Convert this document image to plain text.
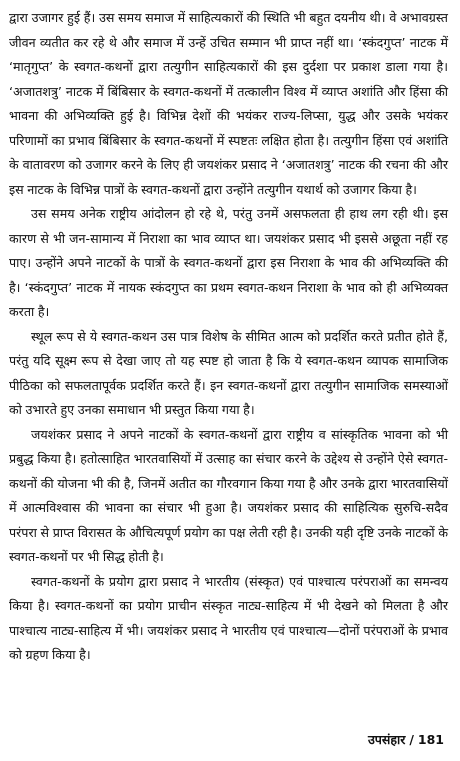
द्वारा उजागर हुई हैं। उस समय समाज में साहित्यकारों की स्थिति भी बहुत दयनीय थी। वे अभावग्रस्त जीवन व्यतीत कर रहे थे और समाज में उन्हें उचित सम्मान भी प्राप्त नहीं था। ‘स्कंदगुप्त’ नाटक में ‘मातृगुप्त’ के स्वगत-कथनों द्वारा तत्युगीन साहित्यकारों की इस दुर्दशा पर प्रकाश डाला गया है। ‘अजातशत्रु’ नाटक में बिंबिसार के स्वगत-कथनों में तत्कालीन विश्व में व्याप्त अशांति और हिंसा की भावना की अभिव्यक्ति हुई है। विभिन्न देशों की भयंकर राज्य-लिप्सा, युद्ध और उसके भयंकर परिणामों का प्रभाव बिंबिसार के स्वगत-कथनों में स्पष्टतः लक्षित होता है। तत्युगीन हिंसा एवं अशांति के वातावरण को उजागर करने के लिए ही जयशंकर प्रसाद ने ‘अजातशत्रु’ नाटक की रचना की और इस नाटक के विभिन्न पात्रों के स्वगत-कथनों द्वारा उन्होंने तत्युगीन यथार्थ को उजागर किया है।

उस समय अनेक राष्ट्रीय आंदोलन हो रहे थे, परंतु उनमें असफलता ही हाथ लग रही थी। इस कारण से भी जन-सामान्य में निराशा का भाव व्याप्त था। जयशंकर प्रसाद भी इससे अछूता नहीं रह पाए। उन्होंने अपने नाटकों के पात्रों के स्वगत-कथनों द्वारा इस निराशा के भाव की अभिव्यक्ति की है। ‘स्कंदगुप्त’ नाटक में नायक स्कंदगुप्त का प्रथम स्वगत-कथन निराशा के भाव को ही अभिव्यक्त करता है।

स्थूल रूप से ये स्वगत-कथन उस पात्र विशेष के सीमित आत्म को प्रदर्शित करते प्रतीत होते हैं, परंतु यदि सूक्ष्म रूप से देखा जाए तो यह स्पष्ट हो जाता है कि ये स्वगत-कथन व्यापक सामाजिक पीठिका को सफलतापूर्वक प्रदर्शित करते हैं। इन स्वगत-कथनों द्वारा तत्युगीन सामाजिक समस्याओं को उभारते हुए उनका समाधान भी प्रस्तुत किया गया है।

जयशंकर प्रसाद ने अपने नाटकों के स्वगत-कथनों द्वारा राष्ट्रीय व सांस्कृतिक भावना को भी प्रबुद्ध किया है। हतोत्साहित भारतवासियों में उत्साह का संचार करने के उद्देश्य से उन्होंने ऐसे स्वगत-कथनों की योजना भी की है, जिनमें अतीत का गौरवगान किया गया है और उनके द्वारा भारतवासियों में आत्मविश्वास की भावना का संचार भी हुआ है। जयशंकर प्रसाद की साहित्यिक सुरुचि-सदैव परंपरा से प्राप्त विरासत के औचित्यपूर्ण प्रयोग का पक्ष लेती रही है। उनकी यही दृष्टि उनके नाटकों के स्वगत-कथनों पर भी सिद्ध होती है।

स्वगत-कथनों के प्रयोग द्वारा प्रसाद ने भारतीय (संस्कृत) एवं पाश्चात्य परंपराओं का समन्वय किया है। स्वगत-कथनों का प्रयोग प्राचीन संस्कृत नाट्य-साहित्य में भी देखने को मिलता है और पाश्चात्य नाट्य-साहित्य में भी। जयशंकर प्रसाद ने भारतीय एवं पाश्चात्य—दोनों परंपराओं के प्रभाव को ग्रहण किया है।

उपसंहार / 181
